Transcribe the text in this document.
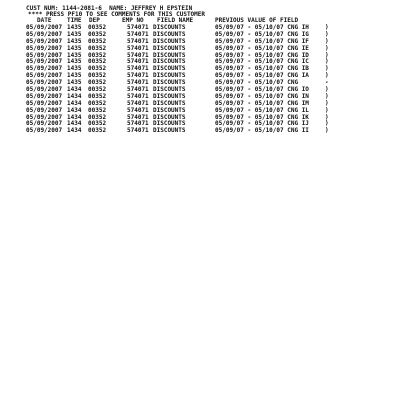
**** PRESS PF10 TO SEE COMMENTS FOR THIS CUSTOMER

CUST NUM: 1144-2081-6 NAME: JEFFREY H EPSTEIN
DATE	TIME DEP	EMP NO FIELD NAME	PREVIOUS VALUE OF FIELD
05/09/2007 1435 00352	574071 DISCOUNTS	05/09/07 - 05/10/07 CNG IH	)
05/09/2007 1435 00352	574071 DISCOUNTS	05/09/07 - 05/10/07 CNG IG	)
05/09/2007 1435 00352	574071 DISCOUNTS	05/09/07 - 05/10/07 CNG IF	)
05/09/2007 1435 00352	574071 DISCOUNTS	05/09/07 - 05/10/07 CNG IE	)
05/09/2007 1435 00352	574071 DISCOUNTS	05/09/07 - 05/10/07 CNG ID	)
05/09/2007 1435 00352	574071 DISCOUNTS	05/09/07 - 05/10/07 CNG IC	)
05/09/2007 1435 00352	574071 DISCOUNTS	05/09/07 - 05/10/07 CNG IB	)
05/09/2007 1435 00352	574071 DISCOUNTS	05/09/07 - 05/10/07 CNG IA	)
05/09/2007 1435 00352	574071 DISCOUNTS	05/09/07 - 05/10/07 CNG	-
05/09/2007 1434 00352	574071 DISCOUNTS	05/09/07 - 05/10/07 CNG IO	)
05/09/2007 1434 00352	574071 DISCOUNTS	05/09/07 - 05/10/07 CNG IN	)
05/09/2007 1434 00352	574071 DISCOUNTS	05/09/07 - 05/10/07 CNG IM	)
05/09/2007 1434 00352	574071 DISCOUNTS	05/09/07 - 05/10/07 CNG IL	)
05/09/2007 1434 00352	574071 DISCOUNTS	05/09/07 - 05/10/07 CNG IK	)
05/09/2007 1434 00352	574071 DISCOUNTS	05/09/07 - 05/10/07 CNG IJ	)
05/09/2007 1434 00352	574071 DISCOUNTS	05/09/07 - 05/10/07 CNG II	)
